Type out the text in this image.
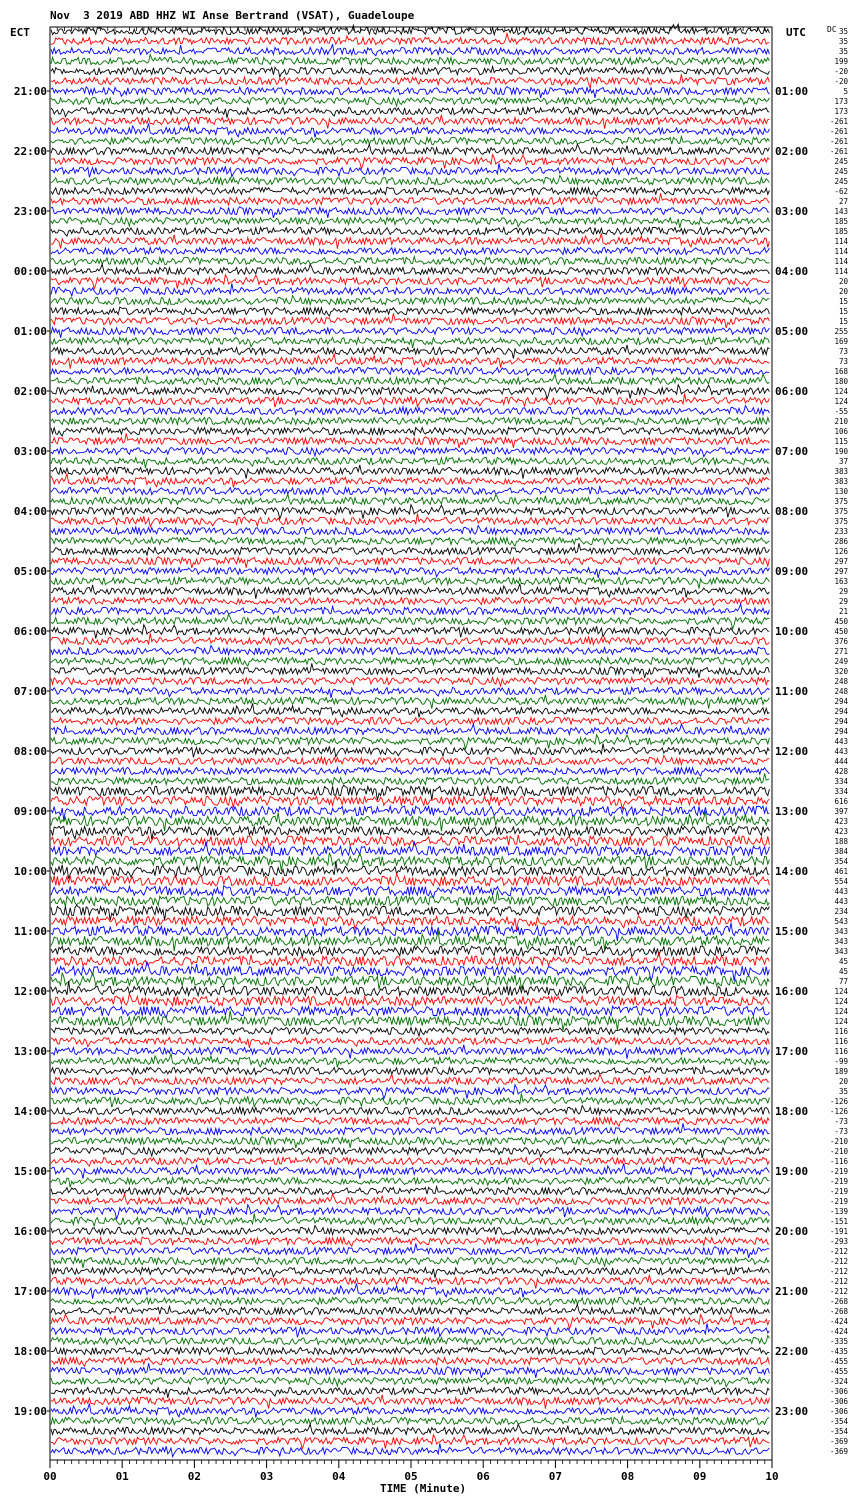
Nov  3 2019 ABD HHZ WI Anse Bertrand (VSAT), Guadeloupe
ECT	UTC	DC
TIME (Minute)
21:00
22:00
23:00
00:00
01:00
02:00
03:00
04:00
05:00
06:00
07:00
08:00
09:00
10:00
11:00
12:00
13:00
14:00
15:00
16:00
17:00
18:00
19:00
01:00
02:00
03:00
04:00
05:00
06:00
07:00
08:00
09:00
10:00
11:00
12:00
13:00
14:00
15:00
16:00
17:00
18:00
19:00
20:00
21:00
22:00
23:00
35
35
35
199
-20
-20
5
173
173
-261
-261
-261
-261
245
245
245
-62
27
143
185
185
114
114
114
114
20
20
15
15
15
255
169
73
73
168
180
124
124
-55
210
106
115
190
37
383
383
130
375
375
375
233
286
126
297
297
163
29
29
21
450
450
376
271
249
320
248
248
294
294
294
294
443
443
444
428
334
334
616
397
423
423
188
384
354
461
554
443
443
234
543
343
343
343
45
45
77
124
124
124
124
116
116
116
-99
189
20
35
-126
-126
-73
-73
-210
-210
-116
-219
-219
-219
-219
-139
-151
-191
-293
-212
-212
-212
-212
-212
-268
-268
-424
-424
-335
-435
-455
-455
-324
-306
-306
-306
-354
-354
-369
-369
00	01	02	03	04	05	06	07	08	09	10
